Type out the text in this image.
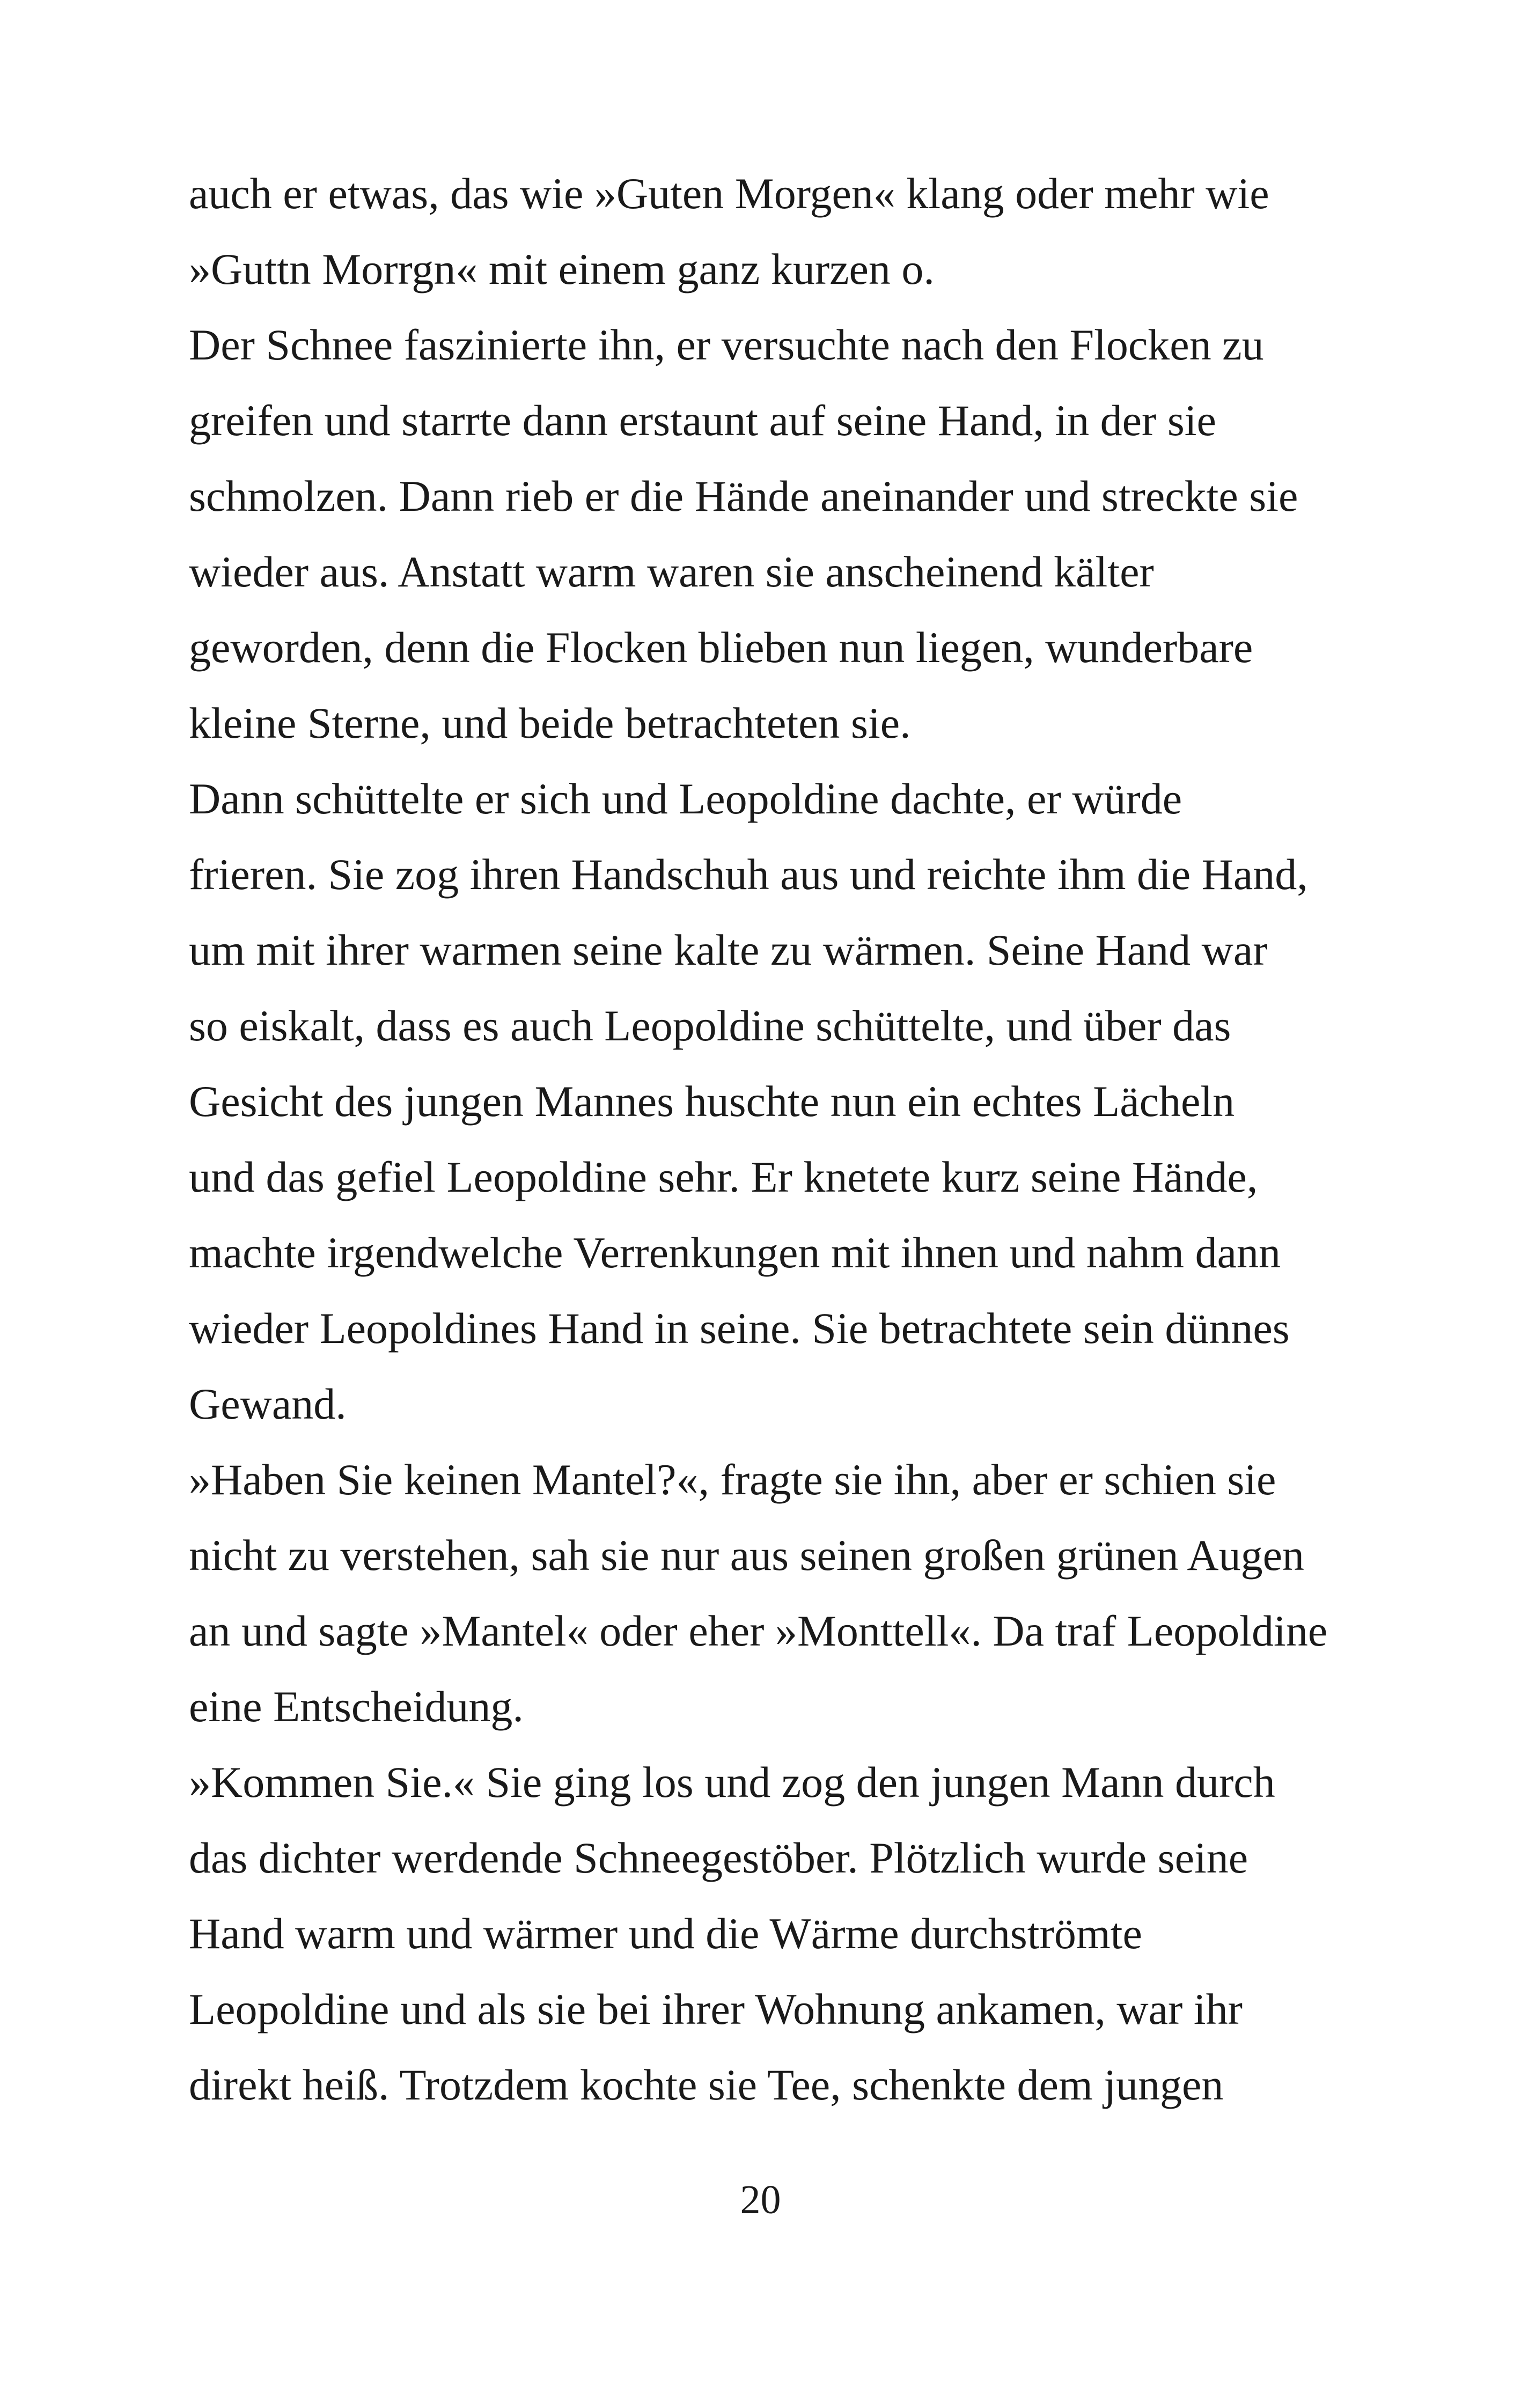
auch er etwas, das wie »Guten Morgen« klang oder mehr wie
»Guttn Morrgn« mit einem ganz kurzen o.
Der Schnee faszinierte ihn, er versuchte nach den Flocken zu
greifen und starrte dann erstaunt auf seine Hand, in der sie
schmolzen. Dann rieb er die Hände aneinander und streckte sie
wieder aus. Anstatt warm waren sie anscheinend kälter
geworden, denn die Flocken blieben nun liegen, wunderbare
kleine Sterne, und beide betrachteten sie.
Dann schüttelte er sich und Leopoldine dachte, er würde
frieren. Sie zog ihren Handschuh aus und reichte ihm die Hand,
um mit ihrer warmen seine kalte zu wärmen. Seine Hand war
so eiskalt, dass es auch Leopoldine schüttelte, und über das
Gesicht des jungen Mannes huschte nun ein echtes Lächeln
und das gefiel Leopoldine sehr. Er knetete kurz seine Hände,
machte irgendwelche Verrenkungen mit ihnen und nahm dann
wieder Leopoldines Hand in seine. Sie betrachtete sein dünnes
Gewand.
»Haben Sie keinen Mantel?«, fragte sie ihn, aber er schien sie
nicht zu verstehen, sah sie nur aus seinen großen grünen Augen
an und sagte »Mantel« oder eher »Monttell«. Da traf Leopoldine
eine Entscheidung.
»Kommen Sie.« Sie ging los und zog den jungen Mann durch
das dichter werdende Schneegestöber. Plötzlich wurde seine
Hand warm und wärmer und die Wärme durchströmte
Leopoldine und als sie bei ihrer Wohnung ankamen, war ihr
direkt heiß. Trotzdem kochte sie Tee, schenkte dem jungen
20
